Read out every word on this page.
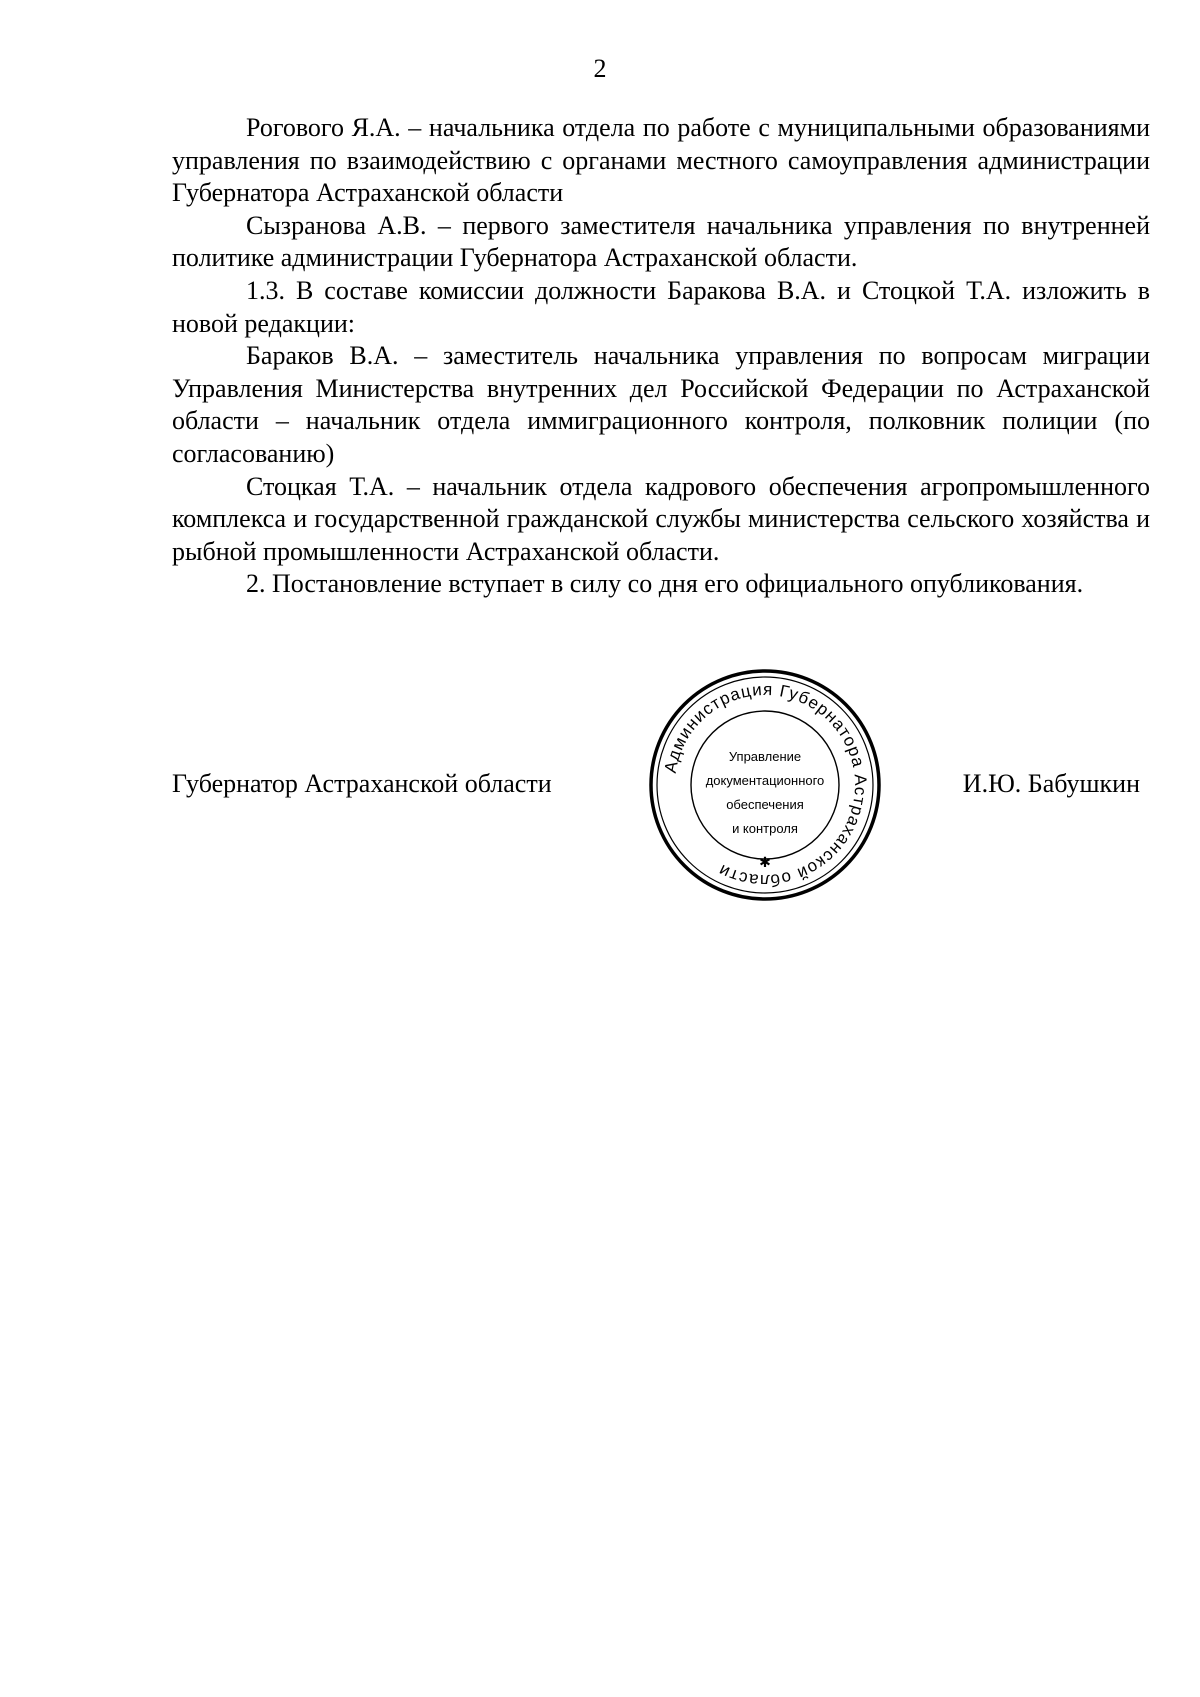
2

Рогового Я.А. – начальника отдела по работе с муниципальными образованиями управления по взаимодействию с органами местного самоуправления администрации Губернатора Астраханской области

Сызранова А.В. – первого заместителя начальника управления по внутренней политике администрации Губернатора Астраханской области.

1.3. В составе комиссии должности Баракова В.А. и Стоцкой Т.А. изложить в новой редакции:

Бараков В.А. – заместитель начальника управления по вопросам миграции Управления Министерства внутренних дел Российской Федерации по Астраханской области – начальник отдела иммиграционного контроля, полковник полиции (по согласованию)

Стоцкая Т.А. – начальник отдела кадрового обеспечения агропромышленного комплекса и государственной гражданской службы министерства сельского хозяйства и рыбной промышленности Астраханской области.

2. Постановление вступает в силу со дня его официального опубликования.

Губернатор Астраханской области	И.Ю. Бабушкин
Администрация Губернатора Астраханской области	✱
Управление
документационного
обеспечения
и контроля
